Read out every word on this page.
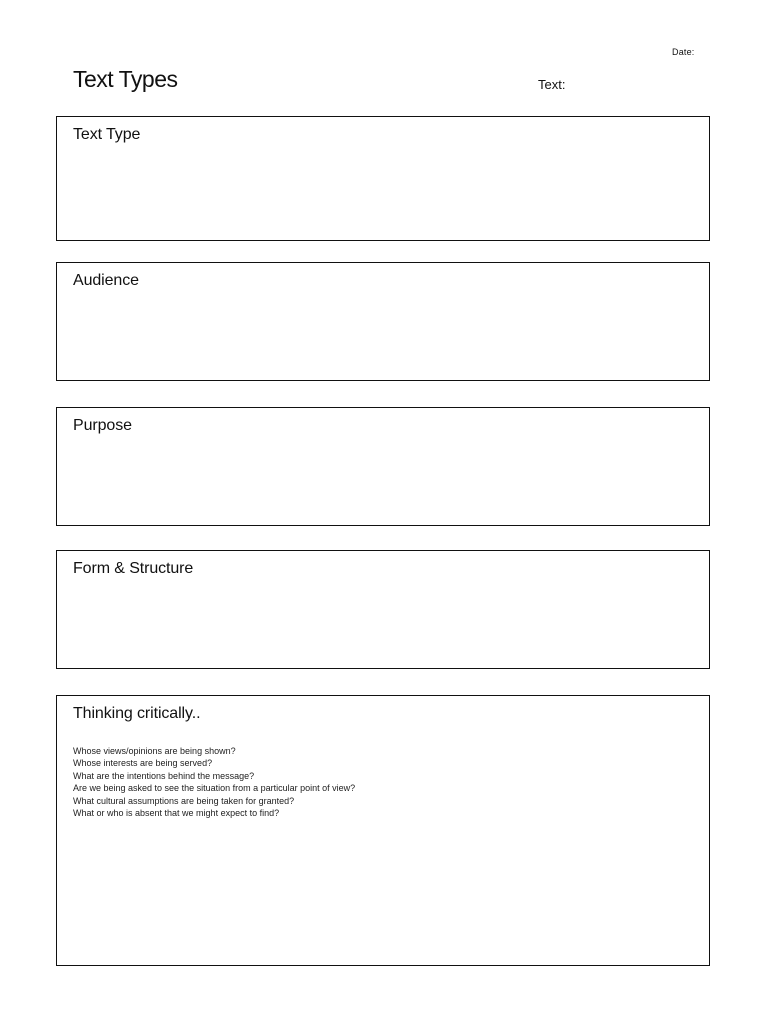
Date:
Text Types	Text:
Text Type
Audience
Purpose
Form & Structure
Thinking critically..
Whose views/opinions are being shown?
Whose interests are being served?
What are the intentions behind the message?
Are we being asked to see the situation from a particular point of view?
What cultural assumptions are being taken for granted?
What or who is absent that we might expect to find?
